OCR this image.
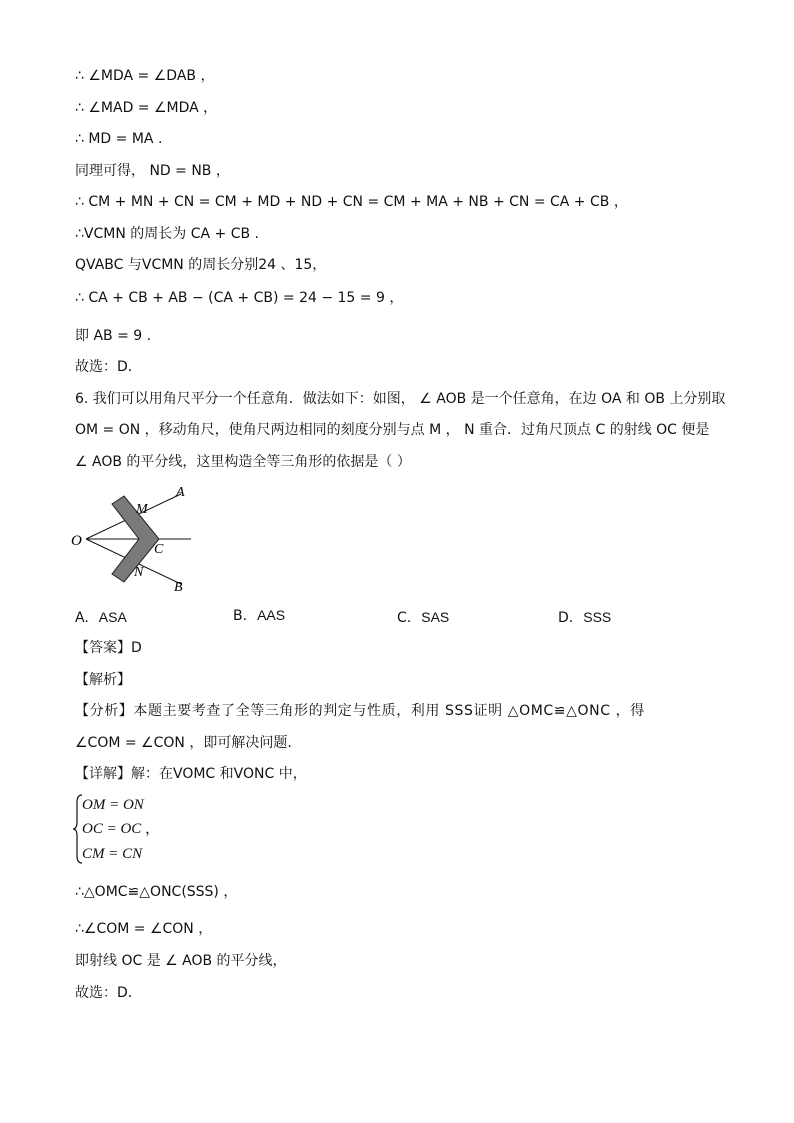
∴ ∠MDA = ∠DAB ，
∴ ∠MAD = ∠MDA ，
∴ MD = MA .
同理可得， ND = NB ，
∴ CM + MN + CN = CM + MD + ND + CN = CM + MA + NB + CN = CA + CB ，
∴VCMN 的周长为 CA + CB .
QVABC 与VCMN 的周长分别24 、15，
∴ CA + CB + AB − (CA + CB) = 24 − 15 = 9 ，
即 AB = 9 .
故选：D．
6. 我们可以用角尺平分一个任意角．做法如下：如图， ∠ AOB 是一个任意角，在边 OA 和 OB 上分别取
OM = ON ，移动角尺，使角尺两边相同的刻度分别与点 M ， N 重合．过角尺顶点 C 的射线 OC 便是
∠ AOB 的平分线，这里构造全等三角形的依据是（ ）
O
A
B
M
N
C
A. ASA	B. AAS	C. SAS	D. SSS
【答案】D
【解析】
【分析】本题主要考查了全等三角形的判定与性质，利用 SSS证明 △OMC≌△ONC ，得
∠COM = ∠CON ，即可解决问题.
【详解】解：在VOMC 和VONC 中，
OM = ON
OC = OC
CM = CN
，
∴△OMC≌△ONC(SSS) ，
∴∠COM = ∠CON ，
即射线 OC 是 ∠ AOB 的平分线，
故选：D．
